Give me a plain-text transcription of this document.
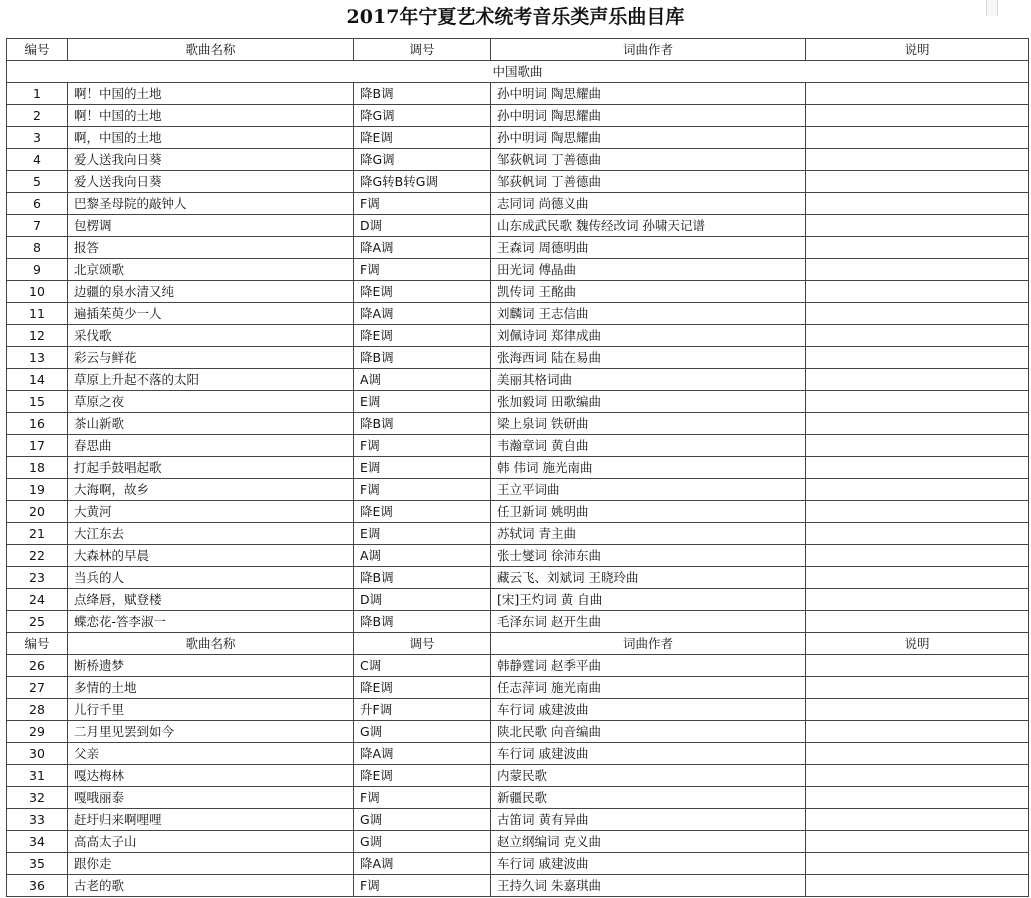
2017年宁夏艺术统考音乐类声乐曲目库
编号	歌曲名称	调号	词曲作者	说明
中国歌曲				
1	啊！中国的土地	降B调	孙中明词 陶思耀曲	
2	啊！中国的土地	降G调	孙中明词 陶思耀曲	
3	啊，中国的土地	降E调	孙中明词 陶思耀曲	
4	爱人送我向日葵	降G调	邹荻帆词 丁善德曲	
5	爱人送我向日葵	降G转B转G调	邹荻帆词 丁善德曲	
6	巴黎圣母院的敲钟人	F调	志同词 尚德义曲	
7	包楞调	D调	山东成武民歌 魏传经改词 孙啸天记谱	
8	报答	降A调	王森词 周德明曲	
9	北京颂歌	F调	田光词 傅晶曲	
10	边疆的泉水清又纯	降E调	凯传词 王酩曲	
11	遍插茱萸少一人	降A调	刘麟词 王志信曲	
12	采伐歌	降E调	刘佩诗词 郑律成曲	
13	彩云与鲜花	降B调	张海西词 陆在易曲	
14	草原上升起不落的太阳	A调	美丽其格词曲	
15	草原之夜	E调	张加毅词 田歌编曲	
16	茶山新歌	降B调	梁上泉词 铁研曲	
17	春思曲	F调	韦瀚章词 黄自曲	
18	打起手鼓唱起歌	E调	韩 伟词 施光南曲	
19	大海啊，故乡	F调	王立平词曲	
20	大黄河	降E调	任卫新词 姚明曲	
21	大江东去	E调	苏轼词 青主曲	
22	大森林的早晨	A调	张士燮词 徐沛东曲	
23	当兵的人	降B调	藏云飞、刘斌词 王晓玲曲	
24	点绛唇，赋登楼	D调	[宋]王灼词 黄 自曲	
25	蝶恋花-答李淑一	降B调	毛泽东词 赵开生曲	
编号	歌曲名称	调号	词曲作者	说明
26	断桥遗梦	C调	韩静霆词 赵季平曲	
27	多情的土地	降E调	任志萍词 施光南曲	
28	儿行千里	升F调	车行词 戚建波曲	
29	二月里见罢到如今	G调	陕北民歌 向音编曲	
30	父亲	降A调	车行词 戚建波曲	
31	嘎达梅林	降E调	内蒙民歌	
32	嘎哦丽泰	F调	新疆民歌	
33	赶圩归来啊哩哩	G调	古笛词 黄有异曲	
34	高高太子山	G调	赵立纲编词 克义曲	
35	跟你走	降A调	车行词 戚建波曲	
36	古老的歌	F调	王持久词 朱嘉琪曲	
